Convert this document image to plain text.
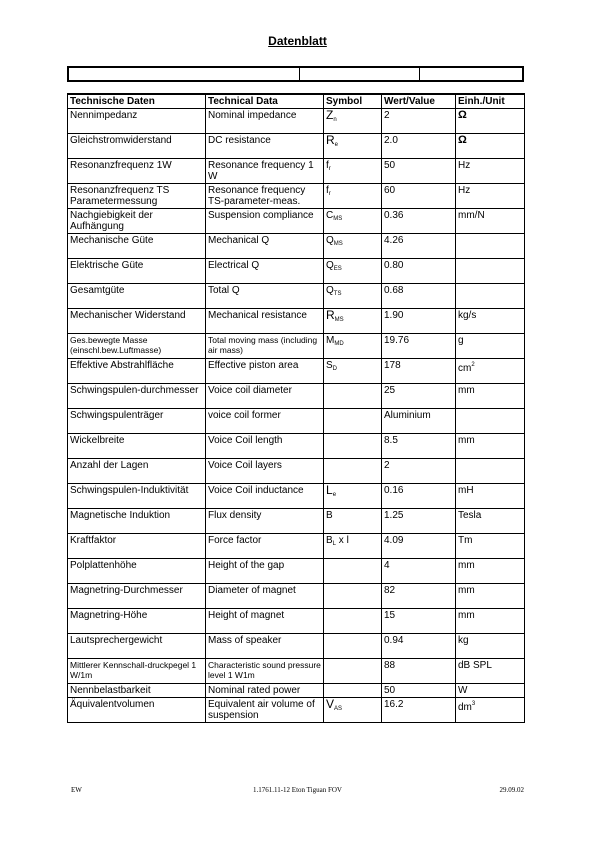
Datenblatt
Technische Daten	Technical Data	Symbol	Wert/Value	Einh./Unit
Nennimpedanz	Nominal impedance	$Z_n$	2	Ω
Gleichstromwiderstand	DC resistance	$R_e$	2.0	Ω
Resonanzfrequenz 1W	Resonance frequency 1 W	$f_r$	50	Hz
Resonanzfrequenz TS Parametermessung	Resonance frequency TS-parameter-meas.	$f_r$	60	Hz
Nachgiebigkeit der Aufhängung	Suspension compliance	$C_{MS}$	0.36	mm/N
Mechanische Güte	Mechanical Q	$Q_{MS}$	4.26	
Elektrische Güte	Electrical Q	$Q_{ES}$	0.80	
Gesamtgüte	Total Q	$Q_{TS}$	0.68	
Mechanischer Widerstand	Mechanical resistance	$R_{MS}$	1.90	kg/s
Ges.bewegte Masse (einschl.bew.Luftmasse)	Total moving mass (including air mass)	$M_{MD}$	19.76	g
Effektive Abstrahlfläche	Effective piston area	$S_D$	178	$cm^2$
Schwingspulen-durchmesser	Voice coil diameter		25	mm
Schwingspulenträger	voice coil former		Aluminium	
Wickelbreite	Voice Coil length		8.5	mm
Anzahl der Lagen	Voice Coil layers		2	
Schwingspulen-Induktivität	Voice Coil inductance	$L_e$	0.16	mH
Magnetische Induktion	Flux density	B	1.25	Tesla
Kraftfaktor	Force factor	$B_L$ x l	4.09	Tm
Polplattenhöhe	Height of the gap		4	mm
Magnetring-Durchmesser	Diameter of magnet		82	mm
Magnetring-Höhe	Height of magnet		15	mm
Lautsprechergewicht	Mass of speaker		0.94	kg
Mittlerer Kennschall-druckpegel 1 W/1m	Characteristic sound pressure level 1 W1m		88	dB SPL
Nennbelastbarkeit	Nominal rated power		50	W
Äquivalentvolumen	Equivalent air volume of suspension	$V_{AS}$	16.2	$dm^3$
EW	1.1761.11-12 Eton Tiguan FOV	29.09.02
